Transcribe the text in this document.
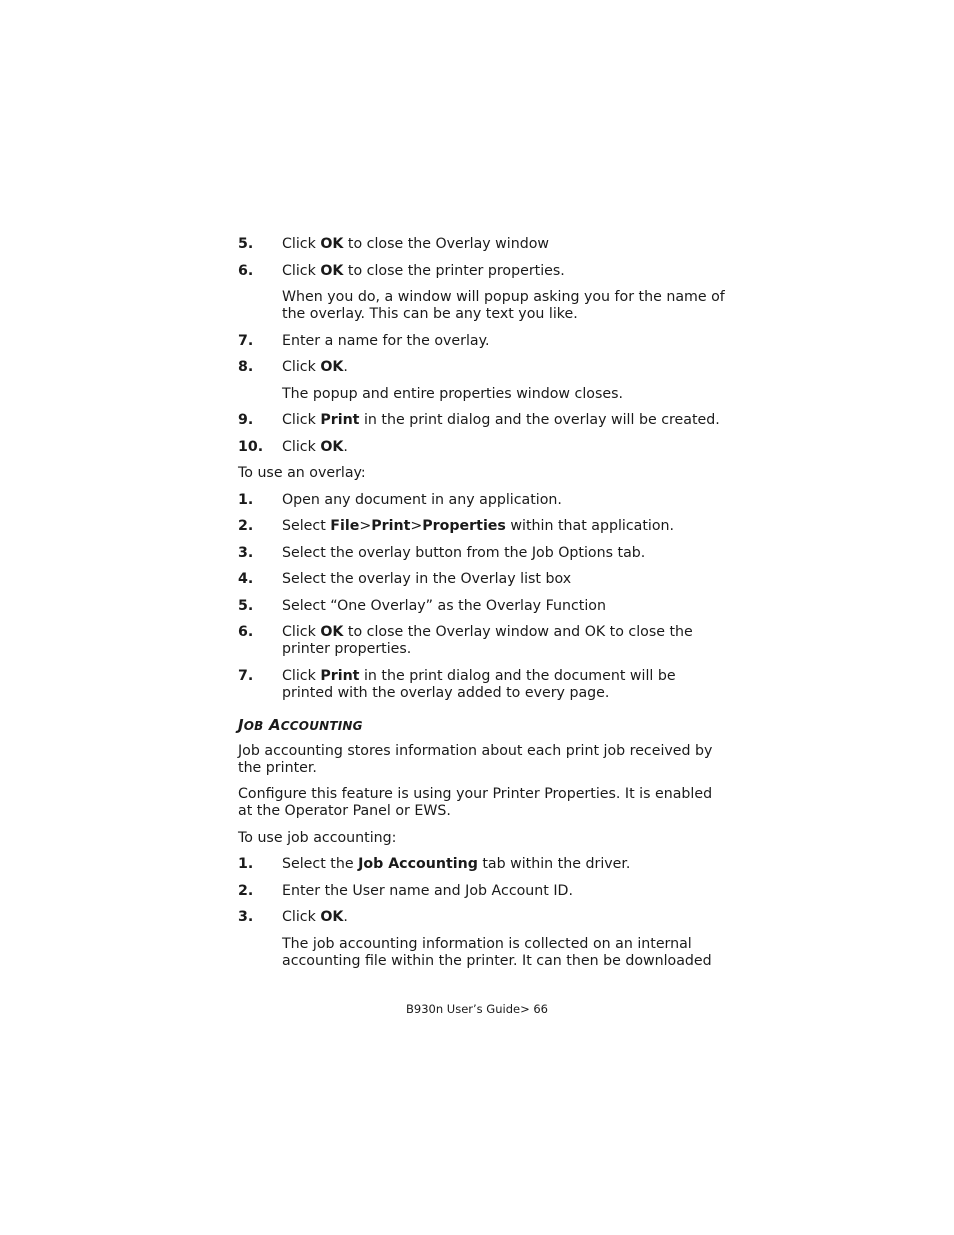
5.	Click OK to close the Overlay window
6.	Click OK to close the printer properties.
When you do, a window will popup asking you for the name of the overlay. This can be any text you like.
7.	Enter a name for the overlay.
8.	Click OK.
The popup and entire properties window closes.
9.	Click Print in the print dialog and the overlay will be created.
10.	Click OK.
To use an overlay:
1.	Open any document in any application.
2.	Select File>Print>Properties within that application.
3.	Select the overlay button from the Job Options tab.
4.	Select the overlay in the Overlay list box
5.	Select “One Overlay” as the Overlay Function
6.	Click OK to close the Overlay window and OK to close the printer properties.
7.	Click Print in the print dialog and the document will be printed with the overlay added to every page.
JOB ACCOUNTING
Job accounting stores information about each print job received by the printer.
Configure this feature is using your Printer Properties. It is enabled at the Operator Panel or EWS.
To use job accounting:
1.	Select the Job Accounting tab within the driver.
2.	Enter the User name and Job Account ID.
3.	Click OK.
The job accounting information is collected on an internal accounting file within the printer. It can then be downloaded
B930n User’s Guide> 66
